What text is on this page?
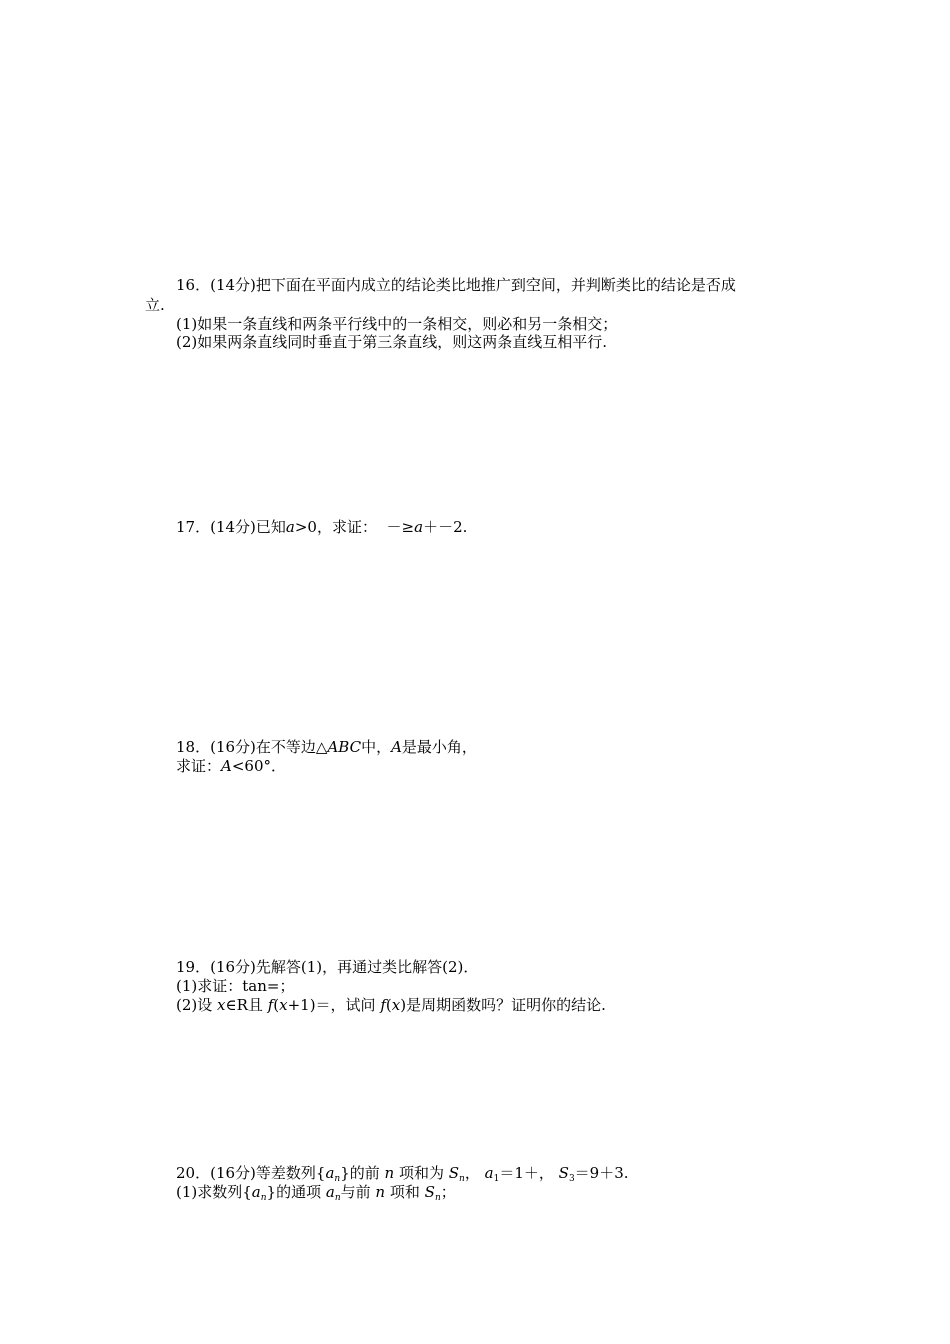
16．(14分)把下面在平面内成立的结论类比地推广到空间，并判断类比的结论是否成
立.
(1)如果一条直线和两条平行线中的一条相交，则必和另一条相交；
(2)如果两条直线同时垂直于第三条直线，则这两条直线互相平行.
17．(14分)已知a>0，求证： －≥a＋－2.
18．(16分)在不等边△ABC中，A是最小角，
求证：A<60°．
19．(16分)先解答(1)，再通过类比解答(2)．
(1)求证：tan=；
(2)设 x∈R且 f(x+1)＝，试问 f(x)是周期函数吗？证明你的结论.
20．(16分)等差数列$\{a_n\}$的前 n 项和为 $S_n$， $a_1=1+$， $S_3=9+3$.
(1)求数列$\{a_n\}$的通项 $a_n$与前 n 项和 $S_n$；
